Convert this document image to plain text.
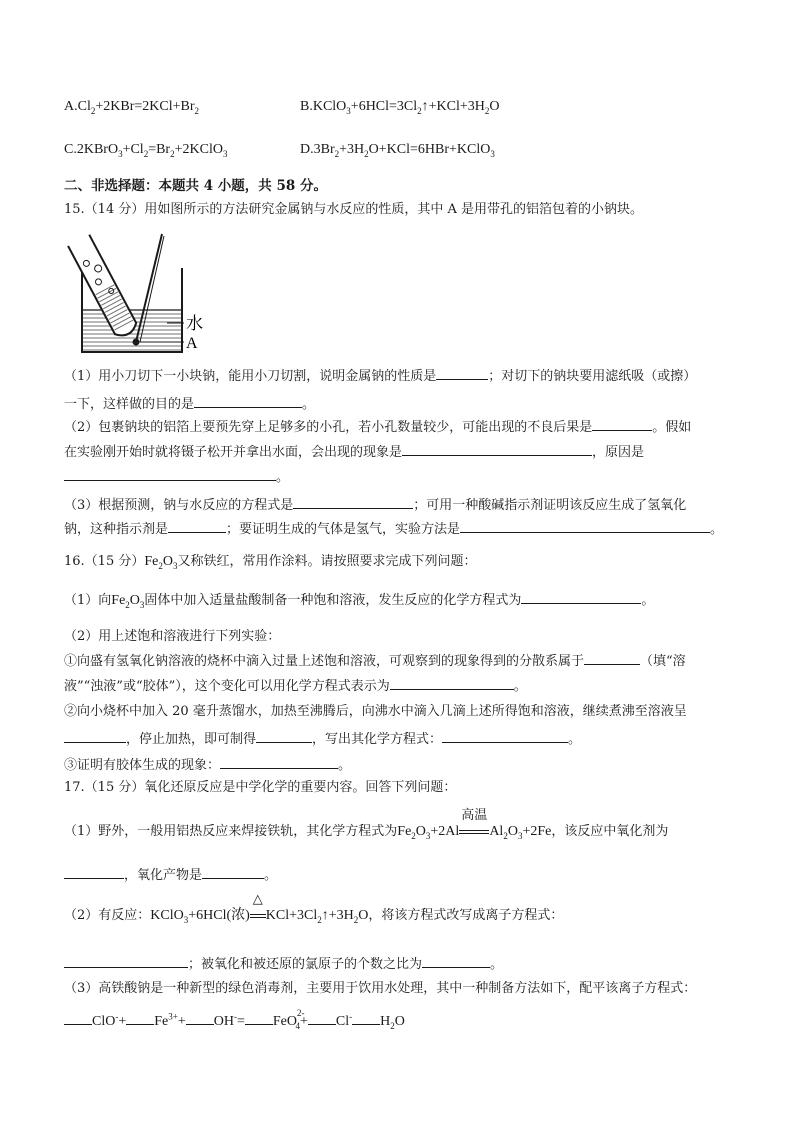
$A.Cl_2+2KBr=2KCl+Br_2$	$B.KClO_3+6HCl=3Cl_2↑+KCl+3H_2O$
$C.2KBrO_3+Cl_2=Br_2+2KClO_3$	$D.3Br_2+3H_2O+KCl=6HBr+KClO_3$
二、非选择题：本题共 4 小题，共 58 分。
15.（14 分）用如图所示的方法研究金属钠与水反应的性质，其中 A 是用带孔的铝箔包着的小钠块。
水
A
（1）用小刀切下一小块钠，能用小刀切割，说明金属钠的性质是	；对切下的钠块要用滤纸吸（或擦）
一下，这样做的目的是	。
（2）包裹钠块的铝箔上要预先穿上足够多的小孔，若小孔数量较少，可能出现的不良后果是	。假如
在实验刚开始时就将镊子松开并拿出水面，会出现的现象是	，原因是
。
（3）根据预测，钠与水反应的方程式是	；可用一种酸碱指示剂证明该反应生成了氢氧化
钠，这种指示剂是	；要证明生成的气体是氢气，实验方法是	。
16.（15 分）$Fe_2O_3$又称铁红，常用作涂料。请按照要求完成下列问题：
（1）向$Fe_2O_3$固体中加入适量盐酸制备一种饱和溶液，发生反应的化学方程式为	。
（2）用上述饱和溶液进行下列实验：
①向盛有氢氧化钠溶液的烧杯中滴入过量上述饱和溶液，可观察到的现象得到的分散系属于	（填“溶
液”“浊液”或“胶体”），这个变化可以用化学方程式表示为	。
②向小烧杯中加入 20 毫升蒸馏水，加热至沸腾后，向沸水中滴入几滴上述所得饱和溶液，继续煮沸至溶液呈
，停止加热，即可制得	，写出其化学方程式：	。
③证明有胶体生成的现象：	。
17.（15 分）氧化还原反应是中学化学的重要内容。回答下列问题：
（1）野外，一般用铝热反应来焊接铁轨，其化学方程式为$Fe_2O_3+2Al$
高温
$Al_2O_3+2Fe$，该反应中氧化剂为
，氧化产物是	。
（2）有反应：KClO$_3$+6HCl(浓)
△
$KCl+3Cl_2↑+3H_2O$，将该方程式改写成离子方程式：
；被氧化和被还原的氯原子的个数之比为	。
（3）高铁酸钠是一种新型的绿色消毒剂，主要用于饮用水处理，其中一种制备方法如下，配平该离子方程式：
$ClO^-+ Fe^{3+}+ OH^-= FeO^{2-}_4+ Cl^-$ $H_2O$
